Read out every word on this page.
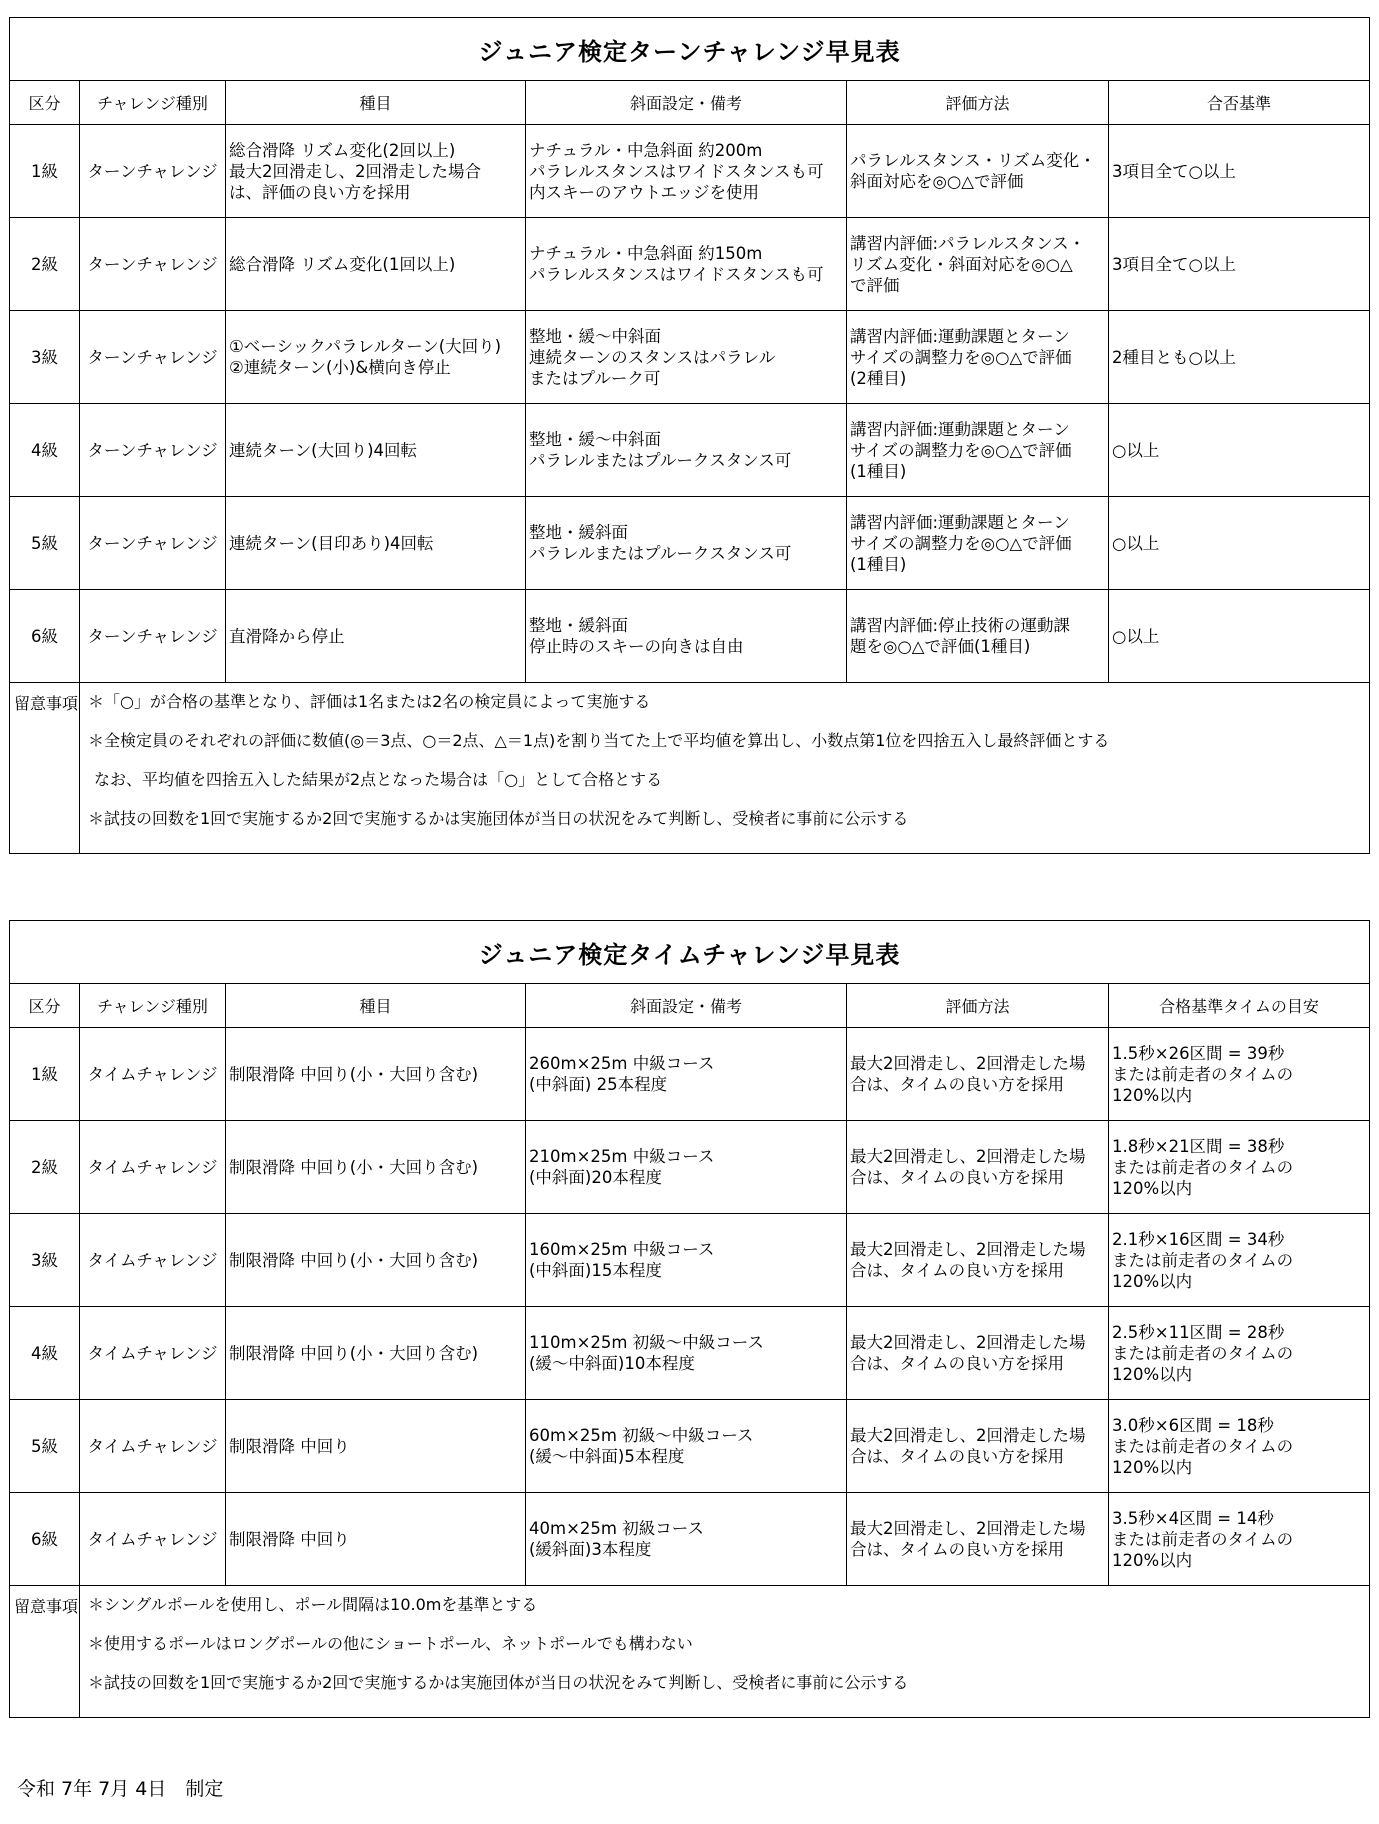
ジュニア検定ターンチャレンジ早見表					
区分	チャレンジ種別	種目	斜面設定・備考	評価方法	合否基準
1級	ターンチャレンジ	総合滑降 リズム変化(2回以上)
最大2回滑走し、2回滑走した場合
は、評価の良い方を採用	ナチュラル・中急斜面 約200m
パラレルスタンスはワイドスタンスも可
内スキーのアウトエッジを使用	パラレルスタンス・リズム変化・
斜面対応を◎○△で評価	3項目全て○以上
2級	ターンチャレンジ	総合滑降 リズム変化(1回以上)	ナチュラル・中急斜面 約150m
パラレルスタンスはワイドスタンスも可	講習内評価:パラレルスタンス・
リズム変化・斜面対応を◎○△
で評価	3項目全て○以上
3級	ターンチャレンジ	①ベーシックパラレルターン(大回り)
②連続ターン(小)&横向き停止	整地・緩～中斜面
連続ターンのスタンスはパラレル
またはプルーク可	講習内評価:運動課題とターン
サイズの調整力を◎○△で評価
(2種目)	2種目とも○以上
4級	ターンチャレンジ	連続ターン(大回り)4回転	整地・緩～中斜面
パラレルまたはプルークスタンス可	講習内評価:運動課題とターン
サイズの調整力を◎○△で評価
(1種目)	○以上
5級	ターンチャレンジ	連続ターン(目印あり)4回転	整地・緩斜面
パラレルまたはプルークスタンス可	講習内評価:運動課題とターン
サイズの調整力を◎○△で評価
(1種目)	○以上
6級	ターンチャレンジ	直滑降から停止	整地・緩斜面
停止時のスキーの向きは自由	講習内評価:停止技術の運動課
題を◎○△で評価(1種目)	○以上
留意事項	＊「○」が合格の基準となり、評価は1名または2名の検定員によって実施する
＊全検定員のそれぞれの評価に数値(◎＝3点、○＝2点、△＝1点)を割り当てた上で平均値を算出し、小数点第1位を四捨五入し最終評価とする
なお、平均値を四捨五入した結果が2点となった場合は「○」として合格とする
＊試技の回数を1回で実施するか2回で実施するかは実施団体が当日の状況をみて判断し、受検者に事前に公示する				
ジュニア検定タイムチャレンジ早見表					
区分	チャレンジ種別	種目	斜面設定・備考	評価方法	合格基準タイムの目安
1級	タイムチャレンジ	制限滑降 中回り(小・大回り含む)	260m×25m 中級コース
(中斜面) 25本程度	最大2回滑走し、2回滑走した場
合は、タイムの良い方を採用	1.5秒×26区間 = 39秒
または前走者のタイムの
120%以内
2級	タイムチャレンジ	制限滑降 中回り(小・大回り含む)	210m×25m 中級コース
(中斜面)20本程度	最大2回滑走し、2回滑走した場
合は、タイムの良い方を採用	1.8秒×21区間 = 38秒
または前走者のタイムの
120%以内
3級	タイムチャレンジ	制限滑降 中回り(小・大回り含む)	160m×25m 中級コース
(中斜面)15本程度	最大2回滑走し、2回滑走した場
合は、タイムの良い方を採用	2.1秒×16区間 = 34秒
または前走者のタイムの
120%以内
4級	タイムチャレンジ	制限滑降 中回り(小・大回り含む)	110m×25m 初級～中級コース
(緩～中斜面)10本程度	最大2回滑走し、2回滑走した場
合は、タイムの良い方を採用	2.5秒×11区間 = 28秒
または前走者のタイムの
120%以内
5級	タイムチャレンジ	制限滑降 中回り	60m×25m 初級～中級コース
(緩～中斜面)5本程度	最大2回滑走し、2回滑走した場
合は、タイムの良い方を採用	3.0秒×6区間 = 18秒
または前走者のタイムの
120%以内
6級	タイムチャレンジ	制限滑降 中回り	40m×25m 初級コース
(緩斜面)3本程度	最大2回滑走し、2回滑走した場
合は、タイムの良い方を採用	3.5秒×4区間 = 14秒
または前走者のタイムの
120%以内
留意事項	＊シングルポールを使用し、ポール間隔は10.0mを基準とする
＊使用するポールはロングポールの他にショートポール、ネットポールでも構わない
＊試技の回数を1回で実施するか2回で実施するかは実施団体が当日の状況をみて判断し、受検者に事前に公示する				
令和 7年 7月 4日　制定
